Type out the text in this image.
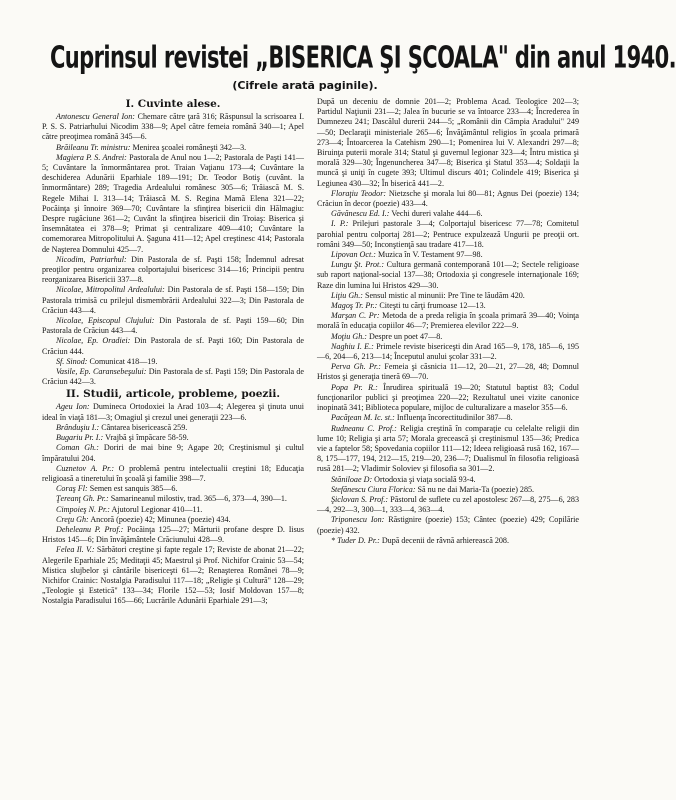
Cuprinsul revistei „BISERICA ŞI ŞCOALA" din anul 1940.
(Cifrele arată paginile).
I. Cuvinte alese.

Antonescu General Ion: Chemare către ţară 316; Răspunsul la scrisoarea I. P. S. S. Patriarhului Nicodim 338—9; Apel către femeia română 340—1; Apel către preoţimea română 345—6.

Brăileanu Tr. ministru: Menirea şcoalei româneşti 342—3.

Magiera P. S. Andrei: Pastorala de Anul nou 1—2; Pastorala de Paşti 141—5; Cuvântare la înmormântarea prot. Traian Vaţianu 173—4; Cuvântare la deschiderea Adunării Eparhiale 189—191; Dr. Teodor Botiş (cuvânt. la înmormântare) 289; Tragedia Ardealului românesc 305—6; Trăiască M. S. Regele Mihai I. 313—14; Trăiască M. S. Regina Mamă Elena 321—22; Pocăinţa şi înnoire 369—70; Cuvântare la sfinţirea bisericii din Hălmagiu: Despre rugăciune 361—2; Cuvânt la sfinţirea bisericii din Troiaş: Biserica şi însemnătatea ei 378—9; Primat şi centralizare 409—410; Cuvântare la comemorarea Mitropolitului A. Şaguna 411—12; Apel creştinesc 414; Pastorala de Naşterea Domnului 425—7.

Nicodim, Patriarhul: Din Pastorala de sf. Paşti 158; Îndemnul adresat preoţilor pentru organizarea colportajului bisericesc 314—16; Principii pentru reorganizarea Bisericii 337—8.

Nicolae, Mitropolitul Ardealului: Din Pastorala de sf. Paşti 158—159; Din Pastorala trimisă cu prilejul dismembrării Ardealului 322—3; Din Pastorala de Crăciun 443—4.

Nicolae, Episcopul Clujului: Din Pastorala de sf. Paşti 159—60; Din Pastorala de Crăciun 443—4.

Nicolae, Ep. Oradiei: Din Pastorala de sf. Paşti 160; Din Pastorala de Crăciun 444.

Sf. Sinod: Comunicat 418—19.

Vasile, Ep. Caransebeşului: Din Pastorala de sf. Paşti 159; Din Pastorala de Crăciun 442—3.

II. Studii, articole, probleme, poezii.

Ageu Ion: Dumineca Ortodoxiei la Arad 103—4; Alegerea şi ţinuta unui ideal în viaţă 181—3; Omagiul şi crezul unei generaţii 223—6.

Brânduşiu I.: Cântarea bisericească 259.

Bugariu Pr. I.: Vrajbă şi împăcare 58-59.

Coman Gh.: Doriri de mai bine 9; Agape 20; Creştinismul şi cultul împăratului 204.

Cuznetov A. Pr.: O problemă pentru intelectualii creştini 18; Educaţia religioasă a tineretului în şcoală şi familie 398—7.

Coraş Fl: Semen est sanquis 385—6.

Ţereanţ Gh. Pr.: Samarineanul milostiv, trad. 365—6, 373—4, 390—1.

Cimpoieş N. Pr.: Ajutorul Legionar 410—11.

Creţu Gh: Ancoră (poezie) 42; Minunea (poezie) 434.

Deheleanu P. Prof.: Pocăinţa 125—27; Mărturii profane despre D. Iisus Hristos 145—6; Din învăţământele Crăciunului 428—9.

Felea Il. V.: Sărbători creştine şi fapte regale 17; Reviste de abonat 21—22; Alegerile Eparhiale 25; Meditaţii 45; Maestrul şi Prof. Nichifor Crainic 53—54; Mistica slujbelor şi cântările bisericeşti 61—2; Renaşterea Românei 78—9; Nichifor Crainic: Nostalgia Paradisului 117—18; „Religie şi Cultură" 128—29; „Teologie şi Estetică" 133—34; Florile 152—53; Iosif Moldovan 157—8; Nostalgia Paradisului 165—66; Lucrările Adunării Eparhiale 291—3;

După un deceniu de domnie 201—2; Problema Acad. Teologice 202—3; Partidul Naţiunii 231—2; Jalea în bucurie se va întoarce 233—4; Încrederea în Dumnezeu 241; Dascălul durerii 244—5; „Românii din Câmpia Aradului" 249—50; Declaraţii ministeriale 265—6; Învăţământul religios în şcoala primară 273—4; Întoarcerea la Catehism 290—1; Pomenirea lui V. Alexandri 297—8; Biruinţa puterii morale 314; Statul şi guvernul legionar 323—4; Întru mistica şi morală 329—30; Îngenuncherea 347—8; Biserica şi Statul 353—4; Soldaţii la muncă şi uniţi în cugete 393; Ultimul discurs 401; Colindele 419; Biserica şi Legiunea 430—32; În biserică 441—2.

Floraţiu Teodor: Nietzsche şi morala lui 80—81; Agnus Dei (poezie) 134; Crăciun în decor (poezie) 433—4.

Găvănescu Ed. I.: Vechi dureri valahe 444—6.

I. P.: Prilejuri pastorale 3—4; Colportajul bisericesc 77—78; Comitetul parohial pentru colportaj 281—2; Pentruce expulzează Ungurii pe preoţii ort. români 349—50; Inconştienţă sau tradare 417—18.

Lipovan Oct.: Muzica în V. Testament 97—98.

Lungu Şt. Prot.: Cultura germană contemporană 101—2; Sectele religioase sub raport naţional-social 137—38; Ortodoxia şi congresele internaţionale 169; Raze din lumina lui Hristos 429—30.

Liţiu Gh.: Sensul mistic al minunii: Pre Tine te lăudăm 420.

Magoş Tr. Pr.: Citeşti tu cărţi frumoase 12—13.

Marşan C. Pr: Metoda de a preda religia în şcoala primară 39—40; Voinţa morală în educaţia copiilor 46—7; Premierea elevilor 222—9.

Moţiu Gh.: Despre un poet 47—8.

Naghiu I. E.: Primele reviste bisericeşti din Arad 165—9, 178, 185—6, 195—6, 204—6, 213—14; Începutul anului şcolar 331—2.

Perva Gh. Pr.: Femeia şi căsnicia 11—12, 20—21, 27—28, 48; Domnul Hristos şi generaţia tineră 69—70.

Popa Pr. R.: Înrudirea spirituală 19—20; Statutul baptist 83; Codul funcţionarilor publici şi preoţimea 220—22; Rezultatul unei vizite canonice inopinată 341; Biblioteca populare, mijloc de culturalizare a maselor 355—6.

Pacăţean M. Ic. st.: Influenţa încorectitudinilor 387—8.

Rudneanu C. Prof.: Religia creştină în comparaţie cu celelalte religii din lume 10; Religia şi arta 57; Morala grecească şi creştinismul 135—36; Predica vie a faptelor 58; Spovedania copiilor 111—12; Ideea religioasă rusă 162, 167—8, 175—177, 194, 212—15, 219—20, 236—7; Dualismul în filosofia religioasă rusă 281—2; Vladimir Soloviev şi filosofia sa 301—2.

Stăniloae D: Ortodoxia şi viaţa socială 93-4.

Stefănescu Ciura Florica: Să nu ne dai Maria-Ta (poezie) 285.

Şiclovan S. Prof.: Păstorul de suflete cu zel apostolesc 267—8, 275—6, 283—4, 292—3, 300—1, 333—4, 363—4.

Triponescu Ion: Răstignire (poezie) 153; Cântec (poezie) 429; Copilărie (poezie) 432.

* Tuder D. Pr.: După decenii de râvnă arhierească 208.
